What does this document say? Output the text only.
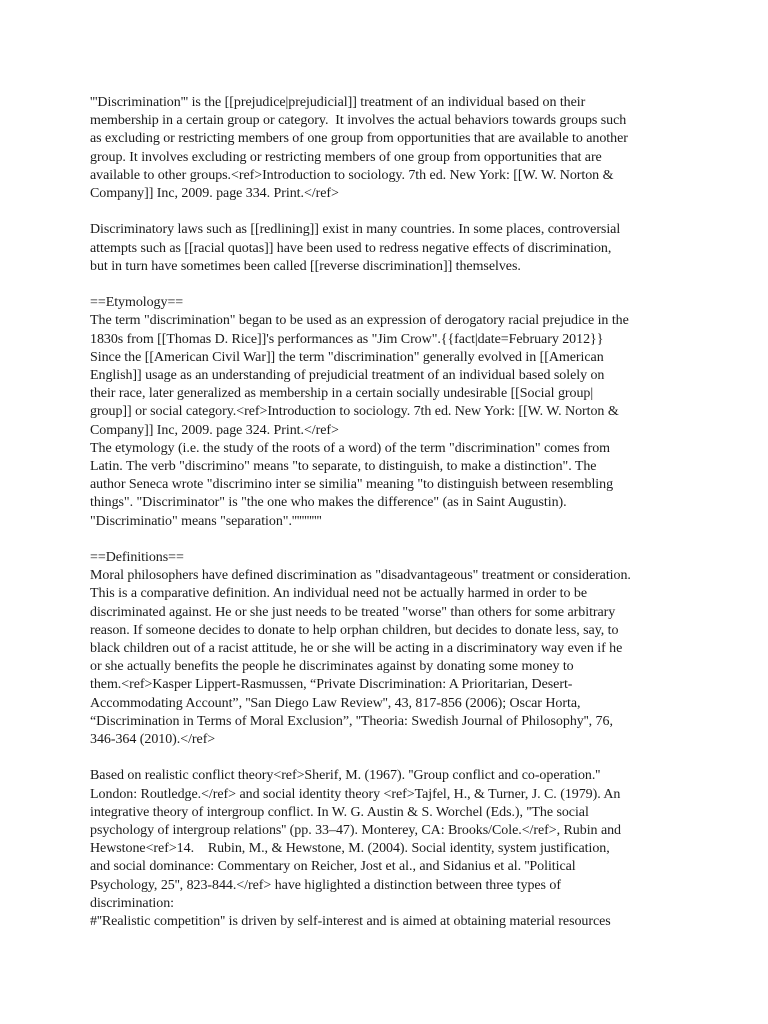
'''Discrimination''' is the [[prejudice|prejudicial]] treatment of an individual based on their
membership in a certain group or category.  It involves the actual behaviors towards groups such
as excluding or restricting members of one group from opportunities that are available to another
group. It involves excluding or restricting members of one group from opportunities that are
available to other groups.<ref>Introduction to sociology. 7th ed. New York: [[W. W. Norton &
Company]] Inc, 2009. page 334. Print.</ref>
Discriminatory laws such as [[redlining]] exist in many countries. In some places, controversial
attempts such as [[racial quotas]] have been used to redress negative effects of discrimination,
but in turn have sometimes been called [[reverse discrimination]] themselves.
==Etymology==
The term "discrimination" began to be used as an expression of derogatory racial prejudice in the
1830s from [[Thomas D. Rice]]'s performances as "Jim Crow".{{fact|date=February 2012}}
Since the [[American Civil War]] the term "discrimination" generally evolved in [[American
English]] usage as an understanding of prejudicial treatment of an individual based solely on
their race, later generalized as membership in a certain socially undesirable [[Social group|
group]] or social category.<ref>Introduction to sociology. 7th ed. New York: [[W. W. Norton &
Company]] Inc, 2009. page 324. Print.</ref>
The etymology (i.e. the study of the roots of a word) of the term "discrimination" comes from
Latin. The verb "discrimino" means "to separate, to distinguish, to make a distinction". The
author Seneca wrote "discrimino inter se similia" meaning "to distinguish between resembling
things". "Discriminator" is "the one who makes the difference" (as in Saint Augustin).
"Discriminatio" means "separation".''''''''''''
==Definitions==
Moral philosophers have defined discrimination as "disadvantageous" treatment or consideration.
This is a comparative definition. An individual need not be actually harmed in order to be
discriminated against. He or she just needs to be treated "worse" than others for some arbitrary
reason. If someone decides to donate to help orphan children, but decides to donate less, say, to
black children out of a racist attitude, he or she will be acting in a discriminatory way even if he
or she actually benefits the people he discriminates against by donating some money to
them.<ref>Kasper Lippert-Rasmussen, “Private Discrimination: A Prioritarian, Desert-
Accommodating Account”, ''San Diego Law Review'', 43, 817-856 (2006); Oscar Horta,
“Discrimination in Terms of Moral Exclusion”, ''Theoria: Swedish Journal of Philosophy'', 76,
346-364 (2010).</ref>
Based on realistic conflict theory<ref>Sherif, M. (1967). ''Group conflict and co-operation.''
London: Routledge.</ref> and social identity theory <ref>Tajfel, H., & Turner, J. C. (1979). An
integrative theory of intergroup conflict. In W. G. Austin & S. Worchel (Eds.), ''The social
psychology of intergroup relations'' (pp. 33–47). Monterey, CA: Brooks/Cole.</ref>, Rubin and
Hewstone<ref>14.    Rubin, M., & Hewstone, M. (2004). Social identity, system justification,
and social dominance: Commentary on Reicher, Jost et al., and Sidanius et al. ''Political
Psychology, 25'', 823-844.</ref> have higlighted a distinction between three types of
discrimination:
#''Realistic competition'' is driven by self-interest and is aimed at obtaining material resources
